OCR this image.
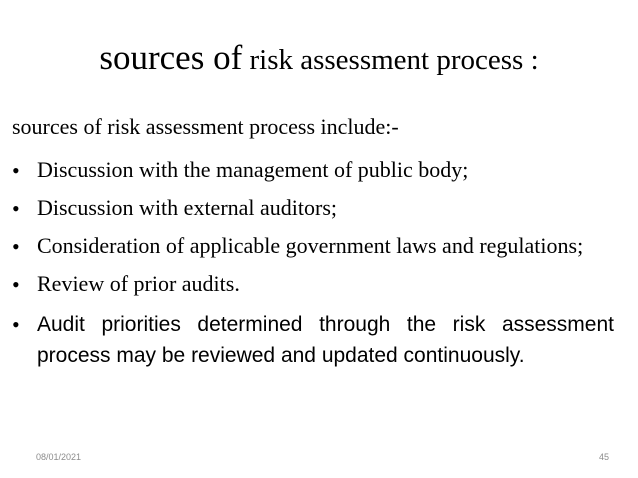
sources of risk assessment process :
sources of risk assessment process include:-
• Discussion with the management of public body;
• Discussion with external auditors;
• Consideration of applicable government laws and regulations;
• Review of prior audits.
• Audit priorities determined through the risk assessment process may be reviewed and updated continuously.
08/01/2021	45
